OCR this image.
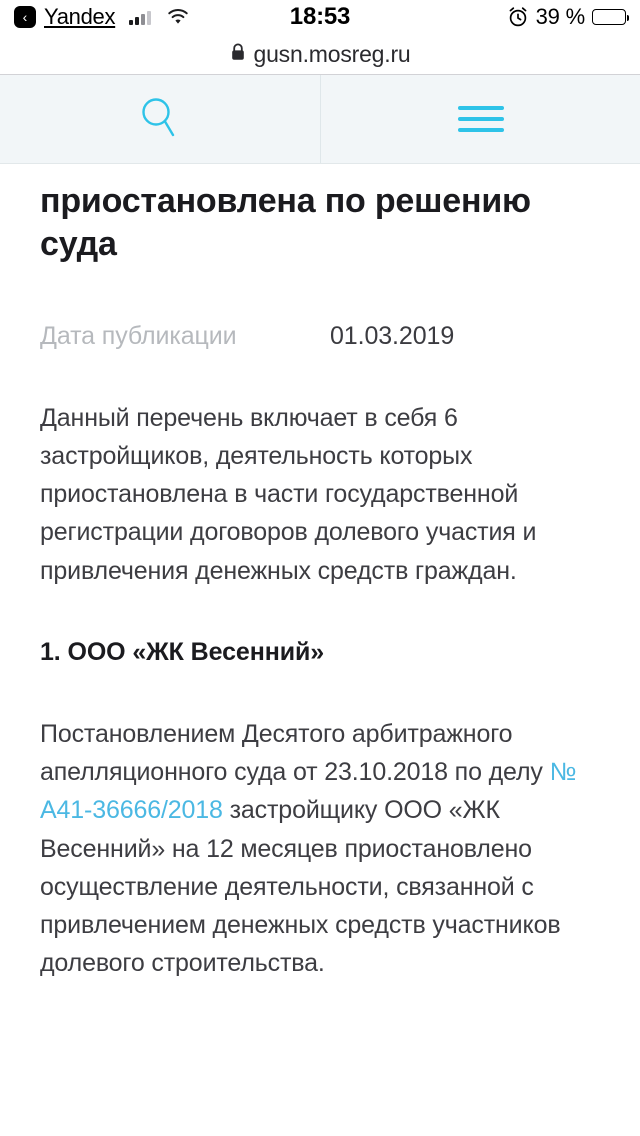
‹ Yandex	18:53	39 %
gusn.mosreg.ru
приостановлена по решению суда
Дата публикации	01.03.2019

Данный перечень включает в себя 6 застройщиков, деятельность которых приостановлена в части государственной регистрации договоров долевого участия и привлечения денежных средств граждан.

1. ООО «ЖК Весенний»

Постановлением Десятого арбитражного апелляционного суда от 23.10.2018 по делу № А41-36666/2018 застройщику ООО «ЖК Весенний» на 12 месяцев приостановлено осуществление деятельности, связанной с привлечением денежных средств участников долевого строительства.
